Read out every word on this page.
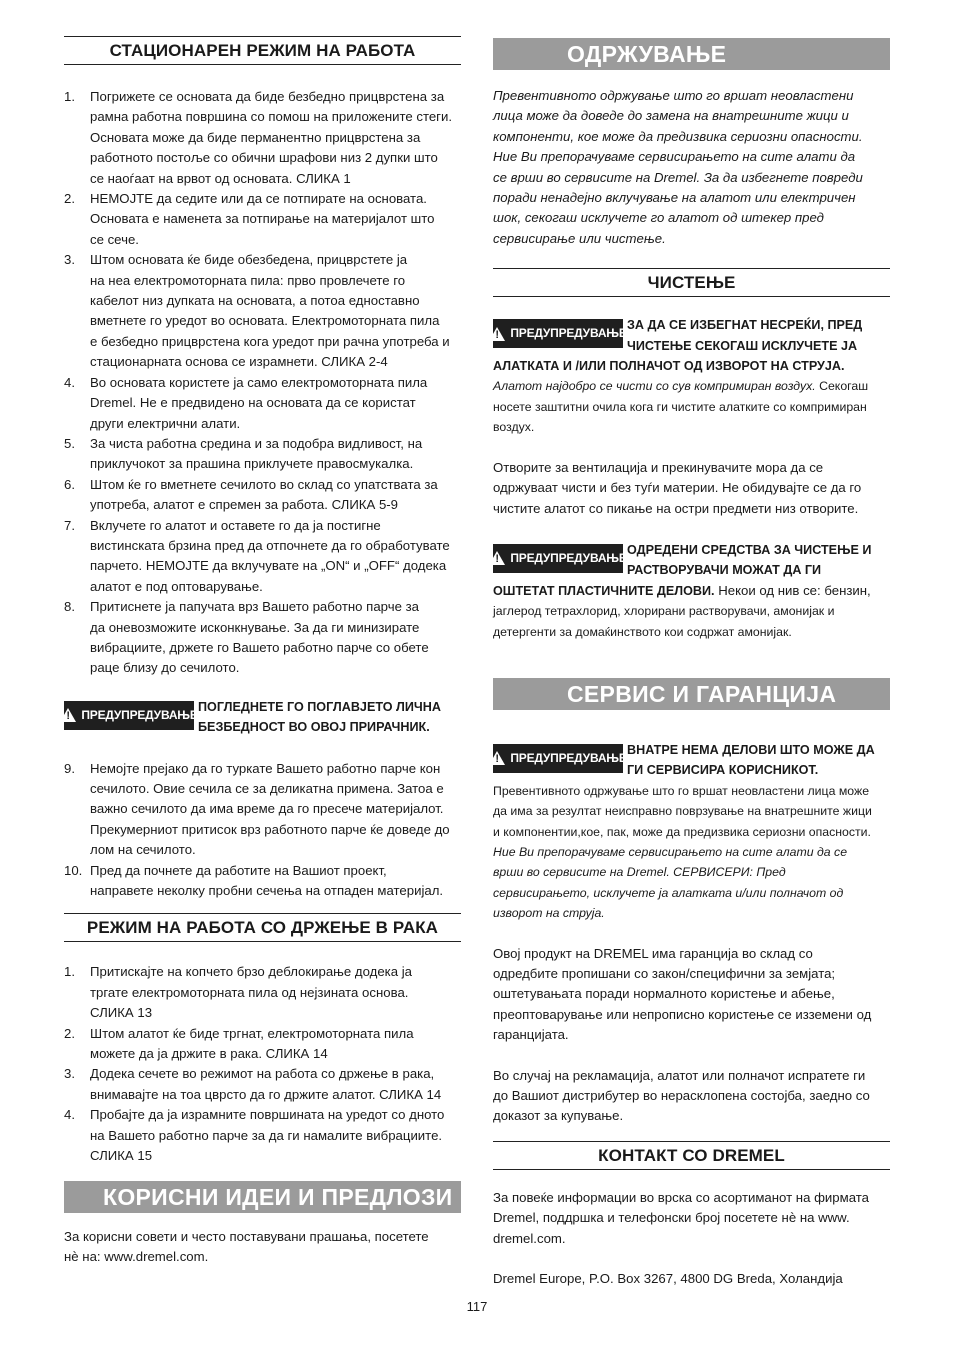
СТАЦИОНАРЕН РЕЖИМ НА РАБОТА
1. Погрижете се основата да биде безбедно прицврстена за
рамна работна површина со помош на приложените стеги.
Основата може да биде перманентно прицврстена за
работното постоље со обични шрафови низ 2 дупки што
се наоѓаат на врвот од основата. СЛИКА 1
2. НЕМОЈТЕ да седите или да се потпирате на основата.
Основата е наменета за потпирање на материјалот што
се сече.
3. Штом основата ќе биде обезбедена, прицврстете ја
на неа електромоторната пила: прво провлечете го
кабелот низ дупката на основата, а потоа едноставно
вметнете го уредот во основата. Електромоторната пила
е безбедно прицврстена кога уредот при рачна употреба и
стационарната основа се израмнети. СЛИКА 2-4
4. Во основата користете ја само електромоторната пила
Dremel. Не е предвидено на основата да се користат
други електрични алати.
5. За чиста работна средина и за подобра видливост, на
приклучокот за прашина приклучете правосмукалка.
6. Штом ќе го вметнете сечилото во склад со упатствата за
употреба, алатот е спремен за работа. СЛИКА 5-9
7. Вклучете го алатот и оставете го да ја постигне
вистинската брзина пред да отпочнете да го обработувате
парчето. НЕМОЈТЕ да вклучувате на „ON“ и „OFF“ додека
алатот е под оптоварување.
8. Притиснете ја папучата врз Вашето работно парче за
да оневозможите исконкнување. За да ги минизирате
вибрациите, држете го Вашето работно парче со обете
раце близу до сечилото.
!
ПРЕДУПРЕДУВАЊЕ
ПОГЛЕДНЕТЕ ГО ПОГЛАВЈЕТО ЛИЧНА
БЕЗБЕДНОСТ ВО ОВОЈ ПРИРАЧНИК.
9. Немојте прејако да го туркате Вашето работно парче кон
сечилото. Овие сечила се за деликатна примена. Затоа е
важно сечилото да има време да го пресече материјалот.
Прекумерниот притисок врз работното парче ќе доведе до
лом на сечилото.
10. Пред да почнете да работите на Вашиот проект,
направете неколку пробни сечења на отпаден материјал.
РЕЖИМ НА РАБОТА СО ДРЖЕЊЕ В РАКА
1. Притискајте на копчето брзо деблокирање додека ја
тргате електромоторната пила од нејзината основа.
СЛИКА 13
2. Штом алатот ќе биде тргнат, електромоторната пила
можете да ја држите в рака. СЛИКА 14
3. Додека сечете во режимот на работа со држење в рака,
внимавајте на тоа цврсто да го држите алатот. СЛИКА 14
4. Пробајте да ја израмните површината на уредот со дното
на Вашето работно парче за да ги намалите вибрациите.
СЛИКА 15
КОРИСНИ ИДЕИ И ПРЕДЛОЗИ

За корисни совети и често поставувани прашања, посетете
нѐ на: www.dremel.com.

ОДРЖУВАЊЕ

Превентивното одржување што го вршат неовластени
лица може да доведе до замена на внатрешните жици и
компоненти, кое може да предизвика сериозни опасности.
Ние Ви препорачуваме сервисирањето на сите алати да
се врши во сервисите на Dremel. За да избегнете повреди
поради ненадејно вклучување на алатот или електричен
шок, секогаш исклучете го алатот од штекер пред
сервисирање или чистење.

ЧИСТЕЊЕ
!
ПРЕДУПРЕДУВАЊЕ
ЗА ДА СЕ ИЗБЕГНАТ НЕСРЕЌИ, ПРЕД
ЧИСТЕЊЕ СЕКОГАШ ИСКЛУЧЕТЕ ЈА
АЛАТКАТА И /ИЛИ ПОЛНАЧОТ ОД ИЗВОРОТ НА СТРУЈА.

Алатот најдобро се чисти со сув компримиран воздух. Секогаш
носете заштитни очила кога ги чистите алатките со компримиран воздух.

Отворите за вентилација и прекинувачите мора да се
одржуваат чисти и без туѓи материи. Не обидувајте се да го
чистите алатот со пикање на остри предмети низ отворите.

!
ПРЕДУПРЕДУВАЊЕ
ОДРЕДЕНИ СРЕДСТВА ЗА ЧИСТЕЊЕ И
РАСТВОРУВАЧИ МОЖАТ ДА ГИ

ОШТЕТАТ ПЛАСТИЧНИТЕ ДЕЛОВИ. Некои од нив се: бензин,

јаглерод тетрахлорид, хлорирани растворувачи, амонијак и
детергенти за домаќинството кои содржат амонијак.

СЕРВИС И ГАРАНЦИЈА
!
ПРЕДУПРЕДУВАЊЕ
ВНАТРЕ НЕМА ДЕЛОВИ ШТО МОЖЕ ДА
ГИ СЕРВИСИРА КОРИСНИКОТ.

Превентивното одржување што го вршат неовластени лица може
да има за резултат неисправно поврзување на внатрешните жици
и компонентии,кое, пак, може да предизвика сериозни опасности.

Ние Ви препорачуваме сервисирањето на сите алати да се
врши во сервисите на Dremel. СЕРВИСЕРИ: Пред
сервисирањето, исклучете ја алатката и/или полначот од
изворот на струја.

Овој продукт на DREMEL има гаранција во склад со
одредбите пропишани со закон/специфични за земјата;
оштетувањата поради нормалното користење и абење,
преоптоварување или непрописно користење се изземени од
гаранцијата.

Во случај на рекламација, алатот или полначот испратете ги
до Вашиот дистрибутер во нерасклопена состојба, заедно со
доказот за купување.

КОНТАКТ СО DREMEL

За повеќе информации во врска со асортиманот на фирмата
Dremel, поддршка и телефонски број посетете нѐ на www.
dremel.com.

Dremel Europe, P.O. Box 3267, 4800 DG Breda, Холандија

117
